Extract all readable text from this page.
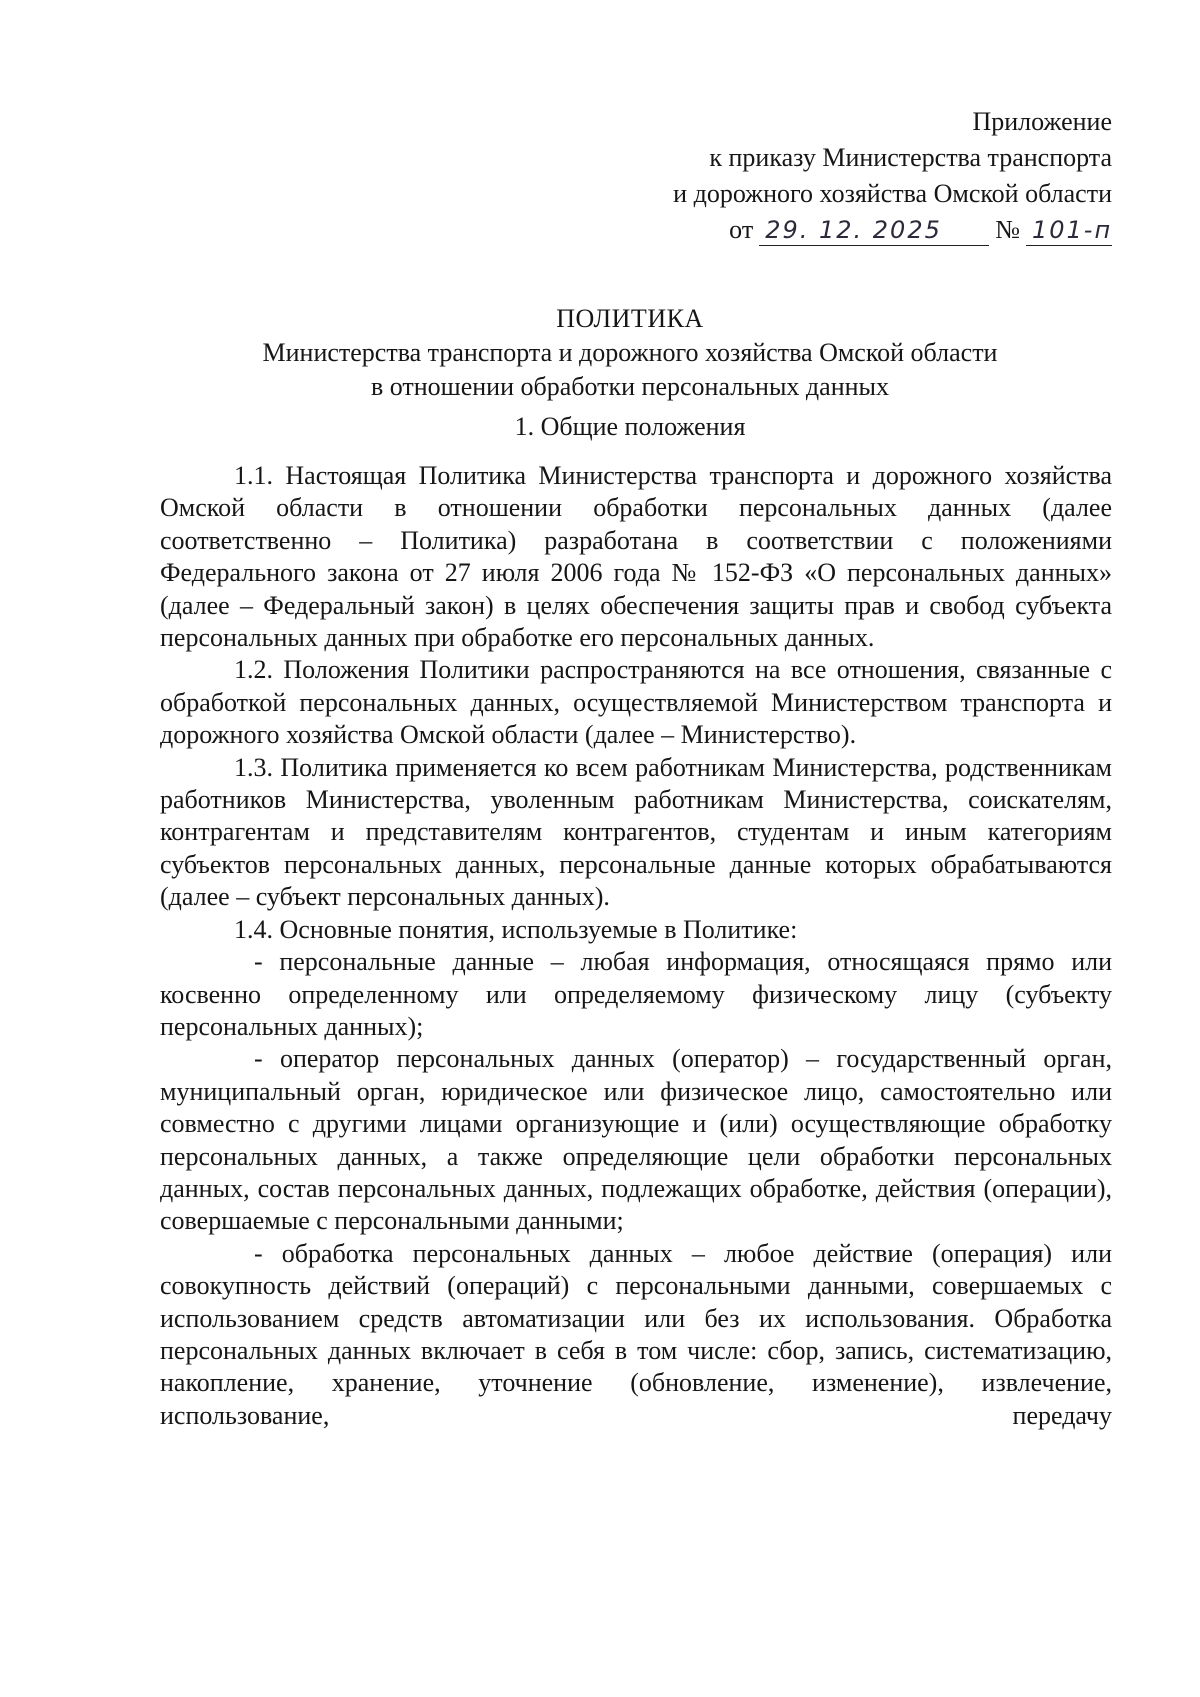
Приложение
к приказу Министерства транспорта
и дорожного хозяйства Омской области
от 29. 12. 2025 № 101-п
ПОЛИТИКА
Министерства транспорта и дорожного хозяйства Омской области
в отношении обработки персональных данных
1. Общие положения

1.1. Настоящая Политика Министерства транспорта и дорожного хозяйства Омской области в отношении обработки персональных данных (далее соответственно – Политика) разработана в соответствии с положениями Федерального закона от 27 июля 2006 года № 152-ФЗ «О персональных данных» (далее – Федеральный закон) в целях обеспечения защиты прав и свобод субъекта персональных данных при обработке его персональных данных.

1.2. Положения Политики распространяются на все отношения, связанные с обработкой персональных данных, осуществляемой Министерством транспорта и дорожного хозяйства Омской области (далее – Министерство).

1.3. Политика применяется ко всем работникам Министерства, родственникам работников Министерства, уволенным работникам Министерства, соискателям, контрагентам и представителям контрагентов, студентам и иным категориям субъектов персональных данных, персональные данные которых обрабатываются (далее – субъект персональных данных).

1.4. Основные понятия, используемые в Политике:

- персональные данные – любая информация, относящаяся прямо или косвенно определенному или определяемому физическому лицу (субъекту персональных данных);

- оператор персональных данных (оператор) – государственный орган, муниципальный орган, юридическое или физическое лицо, самостоятельно или совместно с другими лицами организующие и (или) осуществляющие обработку персональных данных, а также определяющие цели обработки персональных данных, состав персональных данных, подлежащих обработке, действия (операции), совершаемые с персональными данными;

- обработка персональных данных – любое действие (операция) или совокупность действий (операций) с персональными данными, совершаемых с использованием средств автоматизации или без их использования. Обработка персональных данных включает в себя в том числе: сбор, запись, систематизацию, накопление, хранение, уточнение (обновление, изменение), извлечение, использование, передачу
